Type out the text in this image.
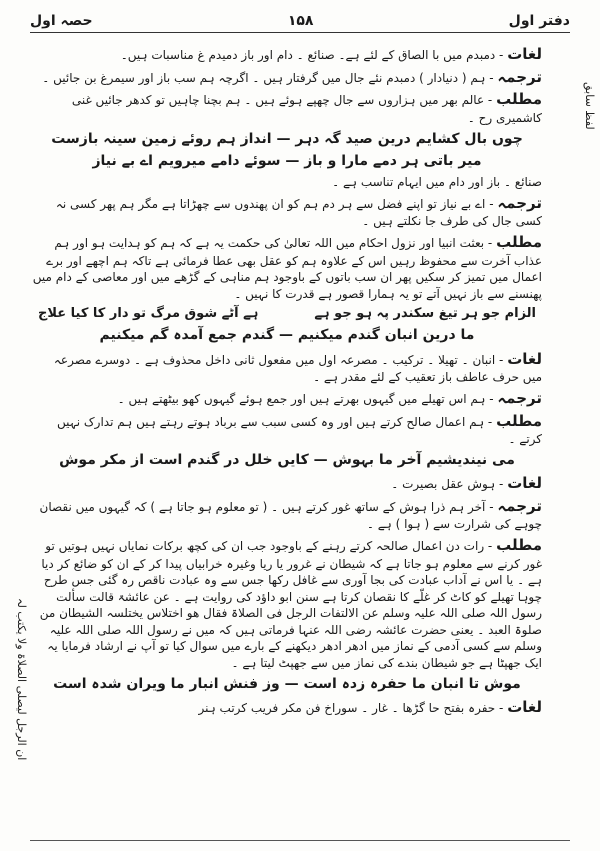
حصہ اول	۱۵۸	دفتر اول
لفظ سابق
ان الرجل لیصلی الصلاۃ ولا یکتب لہ

لغات - دمبدم میں با الصاق کے لئے ہے۔ صنائع ۔ دام اور باز دمیدم غ مناسبات ہیں۔

ترجمہ - ہم ( دنیادار ) دمبدم نئے جال میں گرفتار ہیں ۔ اگرچہ ہم سب باز اور سیمرغ بن جائیں ۔

مطلب - عالم بھر میں ہزاروں سے جال چھپے ہوئے ہیں ۔ ہم بچنا چاہیں تو کدھر جائیں غنی کاشمیری رح ۔

چوں بال کشایم درین صید گہ دہر — انداز ہم روئے زمین سینہ بازست
میر باتی ہر دمے مارا و باز — سوئے دامے میرویم اے بے نیاز

صنائع ۔ باز اور دام میں ایہام تناسب ہے ۔

ترجمہ - اے بے نیاز تو اپنے فضل سے ہر دم ہم کو ان پھندوں سے چھڑاتا ہے مگر ہم پھر کسی نہ کسی جال کی طرف جا نکلتے ہیں ۔

مطلب - بعثت انبیا اور نزول احکام میں اللہ تعالیٰ کی حکمت یہ ہے کہ ہم کو ہدایت ہو اور ہم عذاب آخرت سے محفوظ رہیں اس کے علاوہ ہم کو عقل بھی عطا فرمائی ہے تاکہ ہم اچھے اور برے اعمال میں تمیز کر سکیں پھر ان سب باتوں کے باوجود ہم مناہی کے گڑھے میں اور معاصی کے دام میں پھنسنے سے باز نہیں آتے تو یہ ہمارا قصور ہے قدرت کا نہیں ۔

الزام جو ہر تیغ سکندر پہ ہو جو ہے
ہے آٹے شوق مرگ تو دار کا کیا علاج
ما درین انبان گندم میکنیم — گندم جمع آمدہ گم میکنیم

لغات - انبان ۔ تھیلا ۔ ترکیب ۔ مصرعہ اول میں مفعول ثانی داخل محذوف ہے ۔ دوسرے مصرعہ میں حرف عاطف باز تعقیب کے لئے مقدر ہے ۔

ترجمہ - ہم اس تھیلے میں گیہوں بھرتے ہیں اور جمع ہوئے گیہوں کھو بیٹھتے ہیں ۔

مطلب - ہم اعمال صالح کرتے ہیں اور وہ کسی سبب سے برباد ہوتے رہتے ہیں ہم تدارک نہیں کرتے ۔

می نیندیشیم آخر ما بہوش — کایں خلل در گندم است از مکر موش

لغات - ہوش عقل بصیرت ۔

ترجمہ - آخر ہم ذرا ہوش کے ساتھ غور کرتے ہیں ۔ ( تو معلوم ہو جاتا ہے ) کہ گیہوں میں نقصان چوہے کی شرارت سے ( ہوا ) ہے ۔

مطلب - رات دن اعمال صالحہ کرتے رہنے کے باوجود جب ان کی کچھ برکات نمایاں نہیں ہوتیں تو غور کرنے سے معلوم ہو جاتا ہے کہ شیطان نے غرور یا ریا وغیرہ خرابیاں پیدا کر کے ان کو ضائع کر دیا ہے ۔ یا اس نے آداب عبادت کی بجا آوری سے غافل رکھا جس سے وہ عبادت ناقص رہ گئی جس طرح چوہا تھیلے کو کاٹ کر غلّے کا نقصان کرتا ہے سنن ابو داؤد کی روایت ہے ۔ عن عائشۃ قالت سألت رسول اللہ صلی اللہ علیہ وسلم عن الالتفات الرجل فی الصلاۃ فقال ھو اختلاس یختلسہ الشیطان من صلوۃ العبد ۔ یعنی حضرت عائشہ رضی اللہ عنہا فرماتی ہیں کہ میں نے رسول اللہ صلی اللہ علیہ وسلم سے کسی آدمی کے نماز میں ادھر ادھر دیکھنے کے بارے میں سوال کیا تو آپ نے ارشاد فرمایا یہ ایک جھپٹا ہے جو شیطان بندے کی نماز میں سے جھپٹ لیتا ہے ۔

موش تا انبان ما حفرہ زدہ است — وز فنش انبار ما ویران شدہ است

لغات - حفرہ بفتح حا گڑھا ۔ غار ۔ سوراخ فن مکر فریب کرتب ہنر
